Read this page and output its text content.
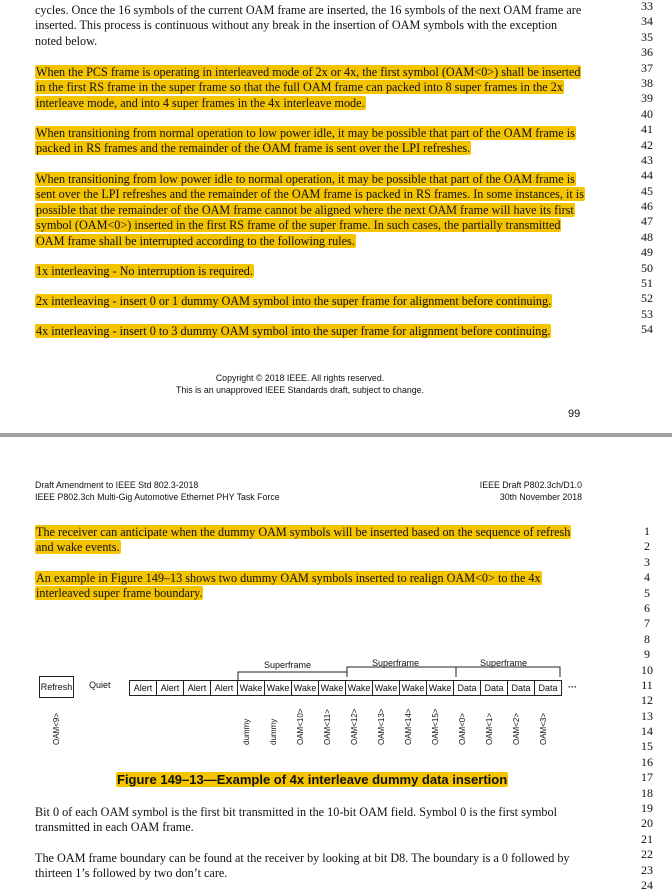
cycles. Once the 16 symbols of the current OAM frame are inserted, the 16 symbols of the next OAM frame are inserted. This process is continuous without any break in the insertion of OAM symbols with the exception noted below.

When the PCS frame is operating in interleaved mode of 2x or 4x, the first symbol (OAM<0>) shall be inserted in the first RS frame in the super frame so that the full OAM frame can packed into 8 super frames in the 2x interleave mode, and into 4 super frames in the 4x interleave mode.

When transitioning from normal operation to low power idle, it may be possible that part of the OAM frame is packed in RS frames and the remainder of the OAM frame is sent over the LPI refreshes.

When transitioning from low power idle to normal operation, it may be possible that part of the OAM frame is sent over the LPI refreshes and the remainder of the OAM frame is packed in RS frames. In some instances, it is possible that the remainder of the OAM frame cannot be aligned where the next OAM frame will have its first symbol (OAM<0>) inserted in the first RS frame of the super frame. In such cases, the partially transmitted OAM frame shall be interrupted according to the following rules.

1x interleaving - No interruption is required.

2x interleaving - insert 0 or 1 dummy OAM symbol into the super frame for alignment before continuing.

4x interleaving - insert 0 to 3 dummy OAM symbol into the super frame for alignment before continuing.

33
34
35
36
37
38
39
40
41
42
43
44
45
46
47
48
49
50
51
52
53
54
Copyright © 2018 IEEE. All rights reserved.
This is an unapproved IEEE Standards draft, subject to change.
99
Draft Amendment to IEEE Std 802.3-2018
IEEE P802.3ch Multi-Gig Automotive Ethernet PHY Task Force
IEEE Draft P802.3ch/D1.0
30th November 2018

The receiver can anticipate when the dummy OAM symbols will be inserted based on the sequence of refresh and wake events.

An example in Figure 149–13 shows two dummy OAM symbols inserted to realign OAM<0> to the 4x interleaved super frame boundary.

Superframe	Superframe	Superframe
Refresh Quiet	Alert Alert Alert Alert Wake Wake Wake Wake Wake Wake Wake Wake Data Data Data Data	···
OAM<9>	dummy dummy OAM<10> OAM<11> OAM<12> OAM<13> OAM<14> OAM<15> OAM<0> OAM<1> OAM<2> OAM<3>
Figure 149–13—Example of 4x interleave dummy data insertion

Bit 0 of each OAM symbol is the first bit transmitted in the 10-bit OAM field. Symbol 0 is the first symbol transmitted in each OAM frame.

The OAM frame boundary can be found at the receiver by looking at bit D8. The boundary is a 0 followed by thirteen 1’s followed by two don’t care.

1
2
3
4
5
6
7
8
9
10
11
12
13
14
15
16
17
18
19
20
21
22
23
24
